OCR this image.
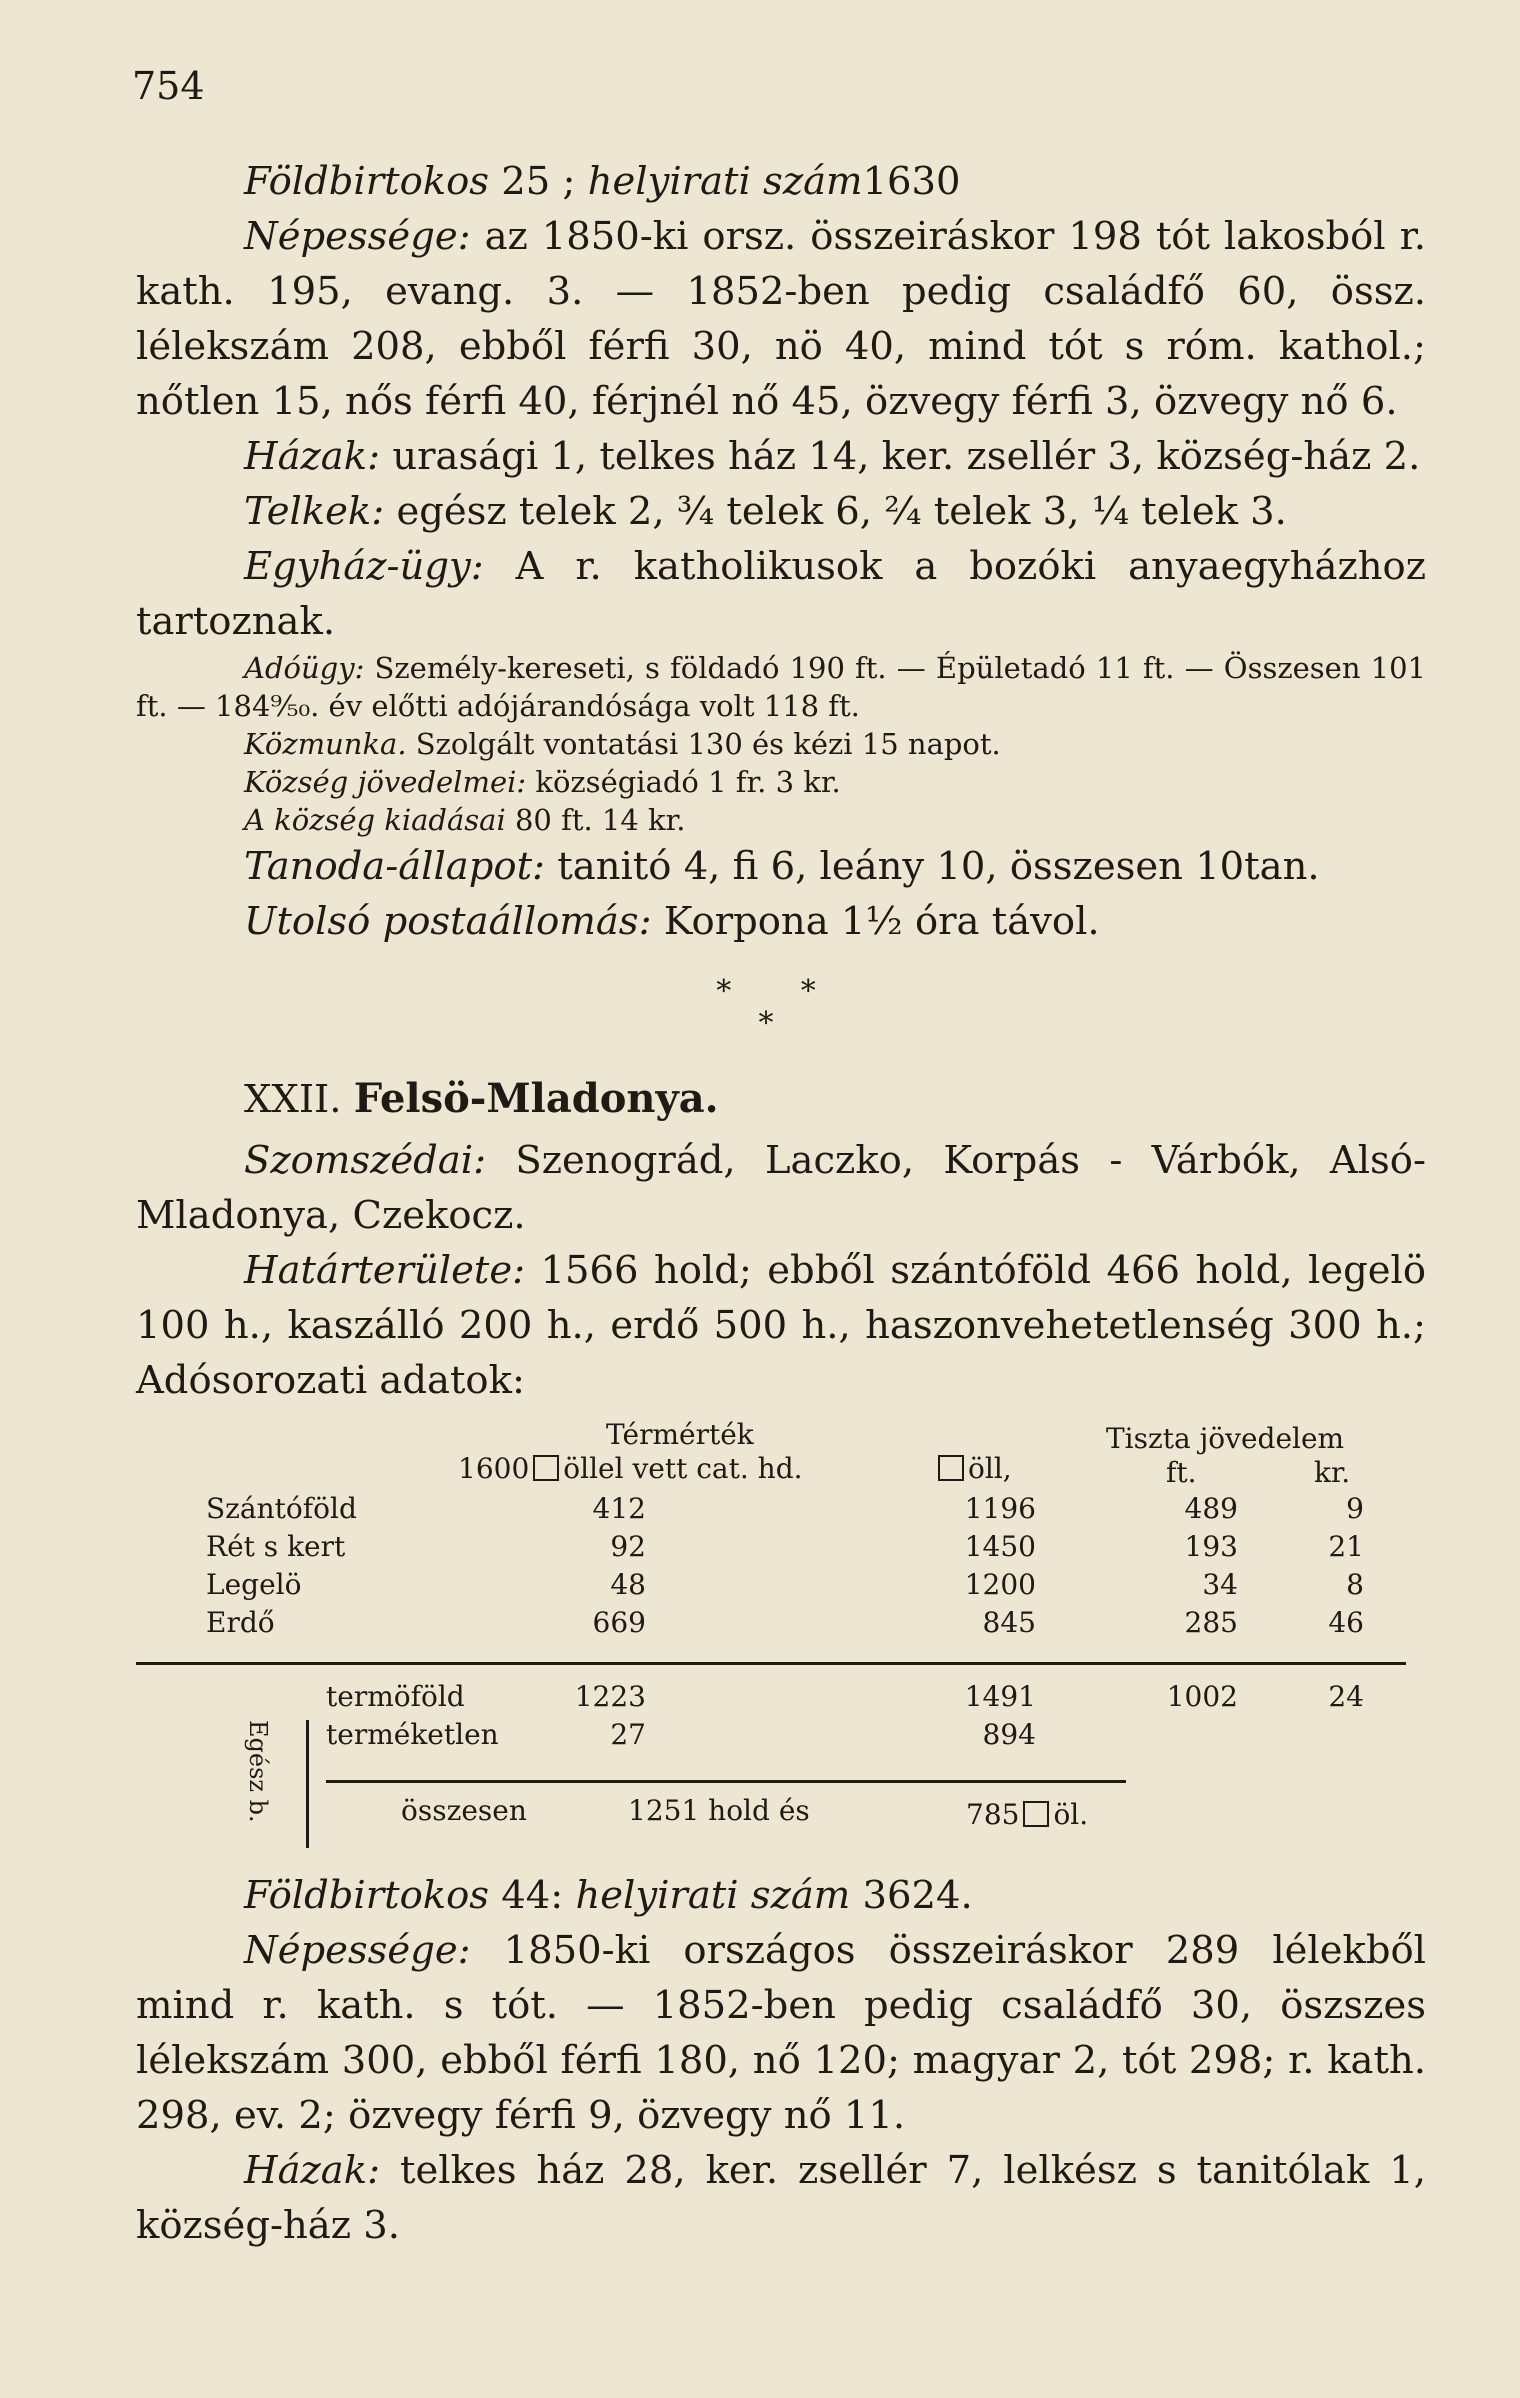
754

Földbirtokos 25 ; helyirati szám1630

Népessége: az 1850-ki orsz. összeiráskor 198 tót lakosból r. kath. 195, evang. 3. — 1852-ben pedig családfő 60, össz. lélekszám 208, ebből férfi 30, nö 40, mind tót s róm. kathol.; nőtlen 15, nős férfi 40, férjnél nő 45, özvegy férfi 3, özvegy nő 6.

Házak: urasági 1, telkes ház 14, ker. zsellér 3, község-ház 2.

Telkek: egész telek 2, ¾ telek 6, ²⁄₄ telek 3, ¼ telek 3.

Egyház-ügy: A r. katholikusok a bozóki anyaegyházhoz tartoznak.

Adóügy: Személy-kereseti, s földadó 190 ft. — Épületadó 11 ft. — Összesen 101 ft. — 184⁹⁄₅₀. év előtti adójárandósága volt 118 ft.

Közmunka. Szolgált vontatási 130 és kézi 15 napot.

Község jövedelmei: községiadó 1 fr. 3 kr.

A község kiadásai 80 ft. 14 kr.

Tanoda-állapot: tanitó 4, fi 6, leány 10, összesen 10tan.

Utolsó postaállomás: Korpona 1½ óra távol.

* *
*
XXII. Felsö-Mladonya.

Szomszédai: Szenográd, Laczko, Korpás - Várbók, Alsó-Mladonya, Czekocz.

Határterülete: 1566 hold; ebből szántóföld 466 hold, legelö 100 h., kaszálló 200 h., erdő 500 h., haszonvehetetlenség 300 h.; Adósorozati adatok:

Térmérték	Tiszta jövedelem
1600 öllel vett cat. hd.	öll,	ft.	kr.
Szántóföld	412	1196	489	9
Rét s kert	92	1450	193	21
Legelö	48	1200	34	8
Erdő	669	845	285	46
Egész b.
termöföld	1223	1491	1002	24
terméketlen	27	894
összesen	1251 hold és	785 öl.

Földbirtokos 44: helyirati szám 3624.

Népessége: 1850-ki országos összeiráskor 289 lélekből mind r. kath. s tót. — 1852-ben pedig családfő 30, öszszes lélekszám 300, ebből férfi 180, nő 120; magyar 2, tót 298; r. kath. 298, ev. 2; özvegy férfi 9, özvegy nő 11.

Házak: telkes ház 28, ker. zsellér 7, lelkész s tanitólak 1, község-ház 3.
